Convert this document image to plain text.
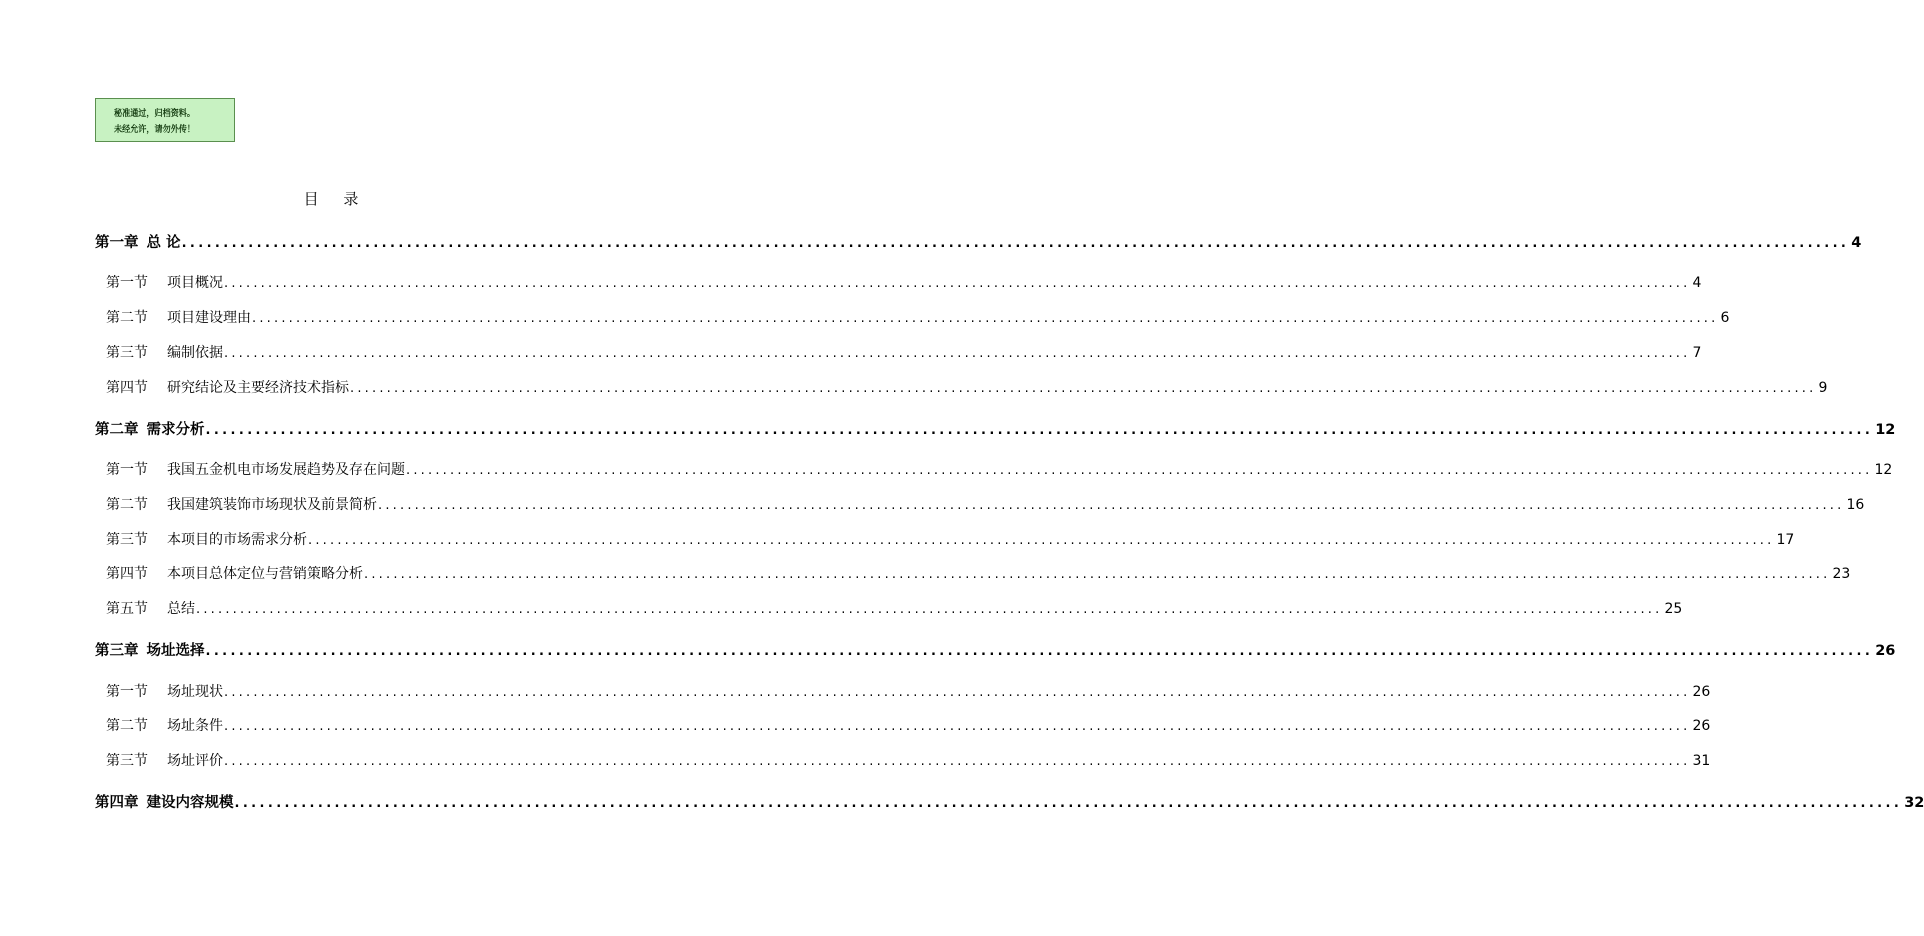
秘准通过，归档资料。
未经允许，请勿外传！
目 录
第一章 总 论 ........................................................................................................................................................................................................ 4
第一节 项目概况 ........................................................................................................................................................................................................ 4
第二节 项目建设理由 ........................................................................................................................................................................................................ 6
第三节 编制依据 ........................................................................................................................................................................................................ 7
第四节 研究结论及主要经济技术指标 ........................................................................................................................................................................................................ 9
第二章 需求分析 ........................................................................................................................................................................................................ 12
第一节 我国五金机电市场发展趋势及存在问题 ........................................................................................................................................................................................................ 12
第二节 我国建筑装饰市场现状及前景简析 ........................................................................................................................................................................................................ 16
第三节 本项目的市场需求分析 ........................................................................................................................................................................................................ 17
第四节 本项目总体定位与营销策略分析 ........................................................................................................................................................................................................ 23
第五节 总结 ........................................................................................................................................................................................................ 25
第三章 场址选择 ........................................................................................................................................................................................................ 26
第一节 场址现状 ........................................................................................................................................................................................................ 26
第二节 场址条件 ........................................................................................................................................................................................................ 26
第三节 场址评价 ........................................................................................................................................................................................................ 31
第四章 建设内容规模 ........................................................................................................................................................................................................ 32
